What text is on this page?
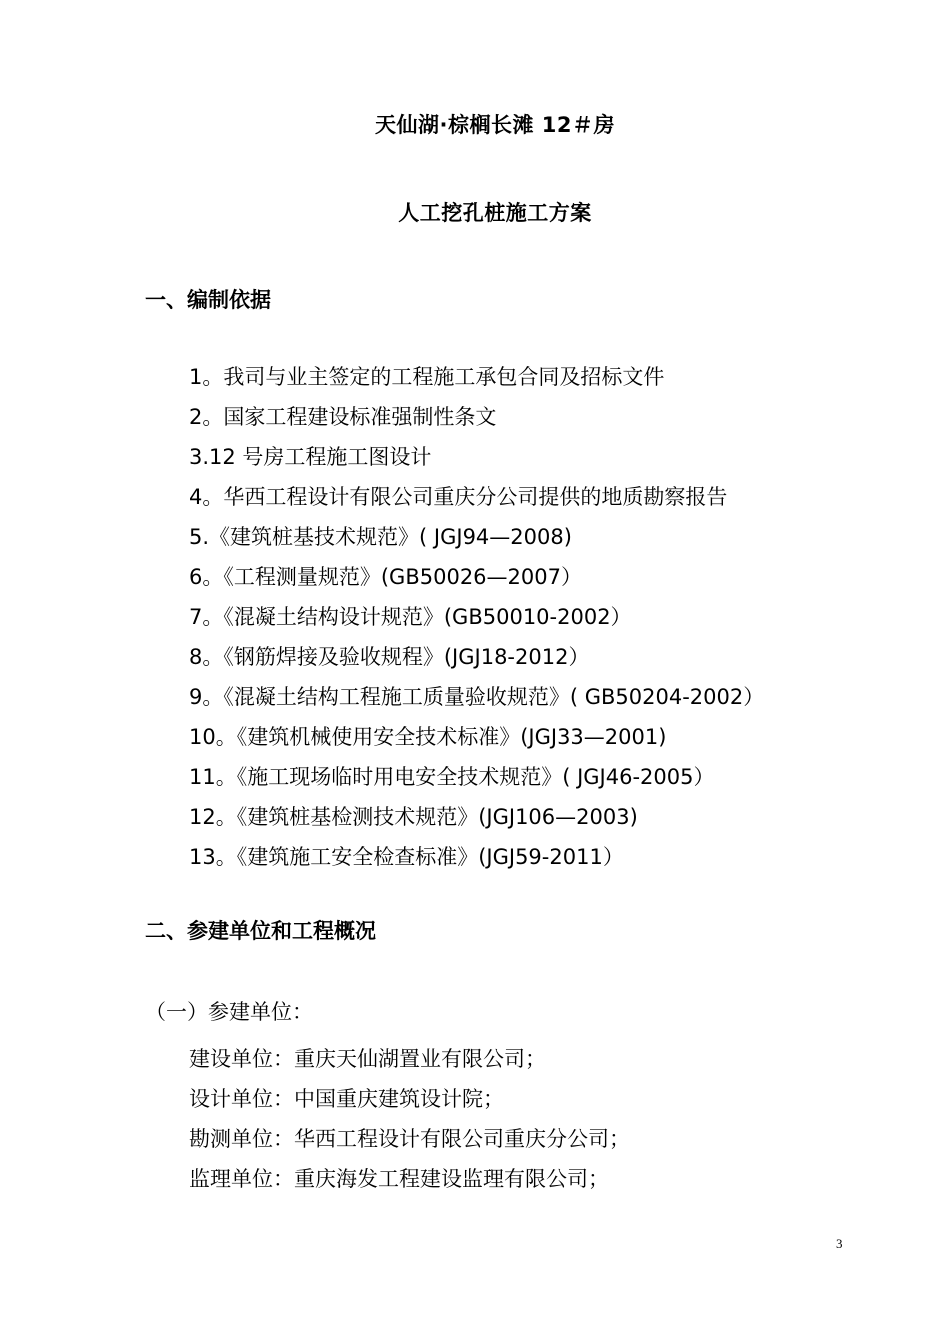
天仙湖·棕榈长滩 12＃房
人工挖孔桩施工方案
一、编制依据
1。我司与业主签定的工程施工承包合同及招标文件
2。国家工程建设标准强制性条文
3.12 号房工程施工图设计
4。华西工程设计有限公司重庆分公司提供的地质勘察报告
5.《建筑桩基技术规范》( JGJ94—2008)
6。《工程测量规范》(GB50026—2007）
7。《混凝土结构设计规范》(GB50010-2002）
8。《钢筋焊接及验收规程》(JGJ18-2012）
9。《混凝土结构工程施工质量验收规范》( GB50204-2002）
10。《建筑机械使用安全技术标准》(JGJ33—2001)
11。《施工现场临时用电安全技术规范》( JGJ46-2005）
12。《建筑桩基检测技术规范》(JGJ106—2003)
13。《建筑施工安全检查标准》(JGJ59-2011）
二、参建单位和工程概况
（一）参建单位：
建设单位：重庆天仙湖置业有限公司；
设计单位：中国重庆建筑设计院；
勘测单位：华西工程设计有限公司重庆分公司；
监理单位：重庆海发工程建设监理有限公司；
3
